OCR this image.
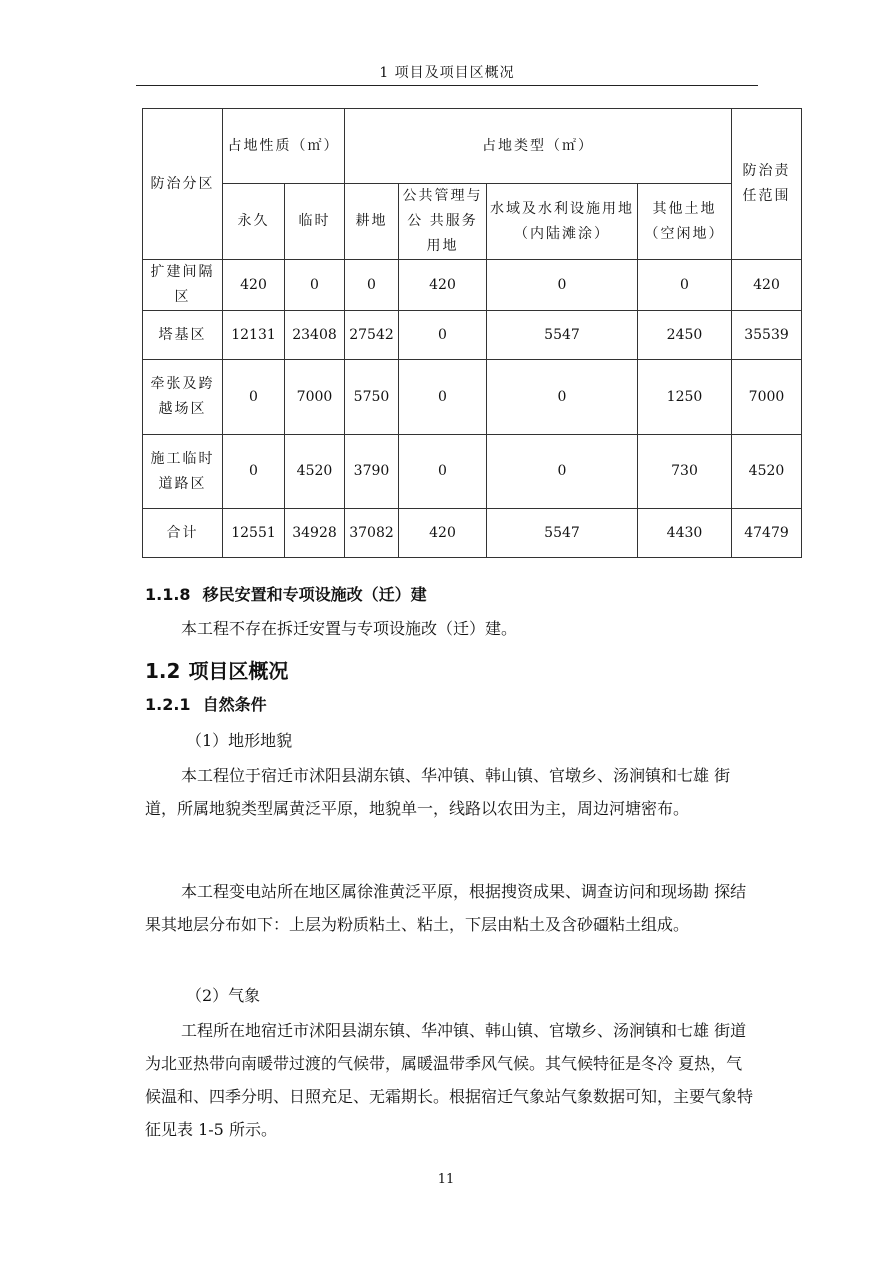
1 项目及项目区概况
防治分区	占地性质（㎡）		占地类型（㎡）				防治责任范围
	永久	临时	耕地	公共管理与公 共服务用地	水域及水利设施用地（内陆滩涂）	其他土地（空闲地）	
扩建间隔区	420	0	0	420	0	0	420
塔基区	12131	23408	27542	0	5547	2450	35539
牵张及跨越场区	0	7000	5750	0	0	1250	7000
施工临时道路区	0	4520	3790	0	0	730	4520
合计	12551	34928	37082	420	5547	4430	47479
1.1.8 移民安置和专项设施改（迁）建
本工程不存在拆迁安置与专项设施改（迁）建。
1.2 项目区概况
1.2.1 自然条件
（1）地形地貌
本工程位于宿迁市沭阳县湖东镇、华冲镇、韩山镇、官墩乡、汤涧镇和七雄 街道，所属地貌类型属黄泛平原，地貌单一，线路以农田为主，周边河塘密布。
本工程变电站所在地区属徐淮黄泛平原，根据搜资成果、调查访问和现场勘 探结果其地层分布如下：上层为粉质粘土、粘土，下层由粘土及含砂礓粘土组成。
（2）气象
工程所在地宿迁市沭阳县湖东镇、华冲镇、韩山镇、官墩乡、汤涧镇和七雄 街道为北亚热带向南暖带过渡的气候带，属暖温带季风气候。其气候特征是冬冷 夏热，气候温和、四季分明、日照充足、无霜期长。根据宿迁气象站气象数据可知，主要气象特征见表 1-5 所示。
11
